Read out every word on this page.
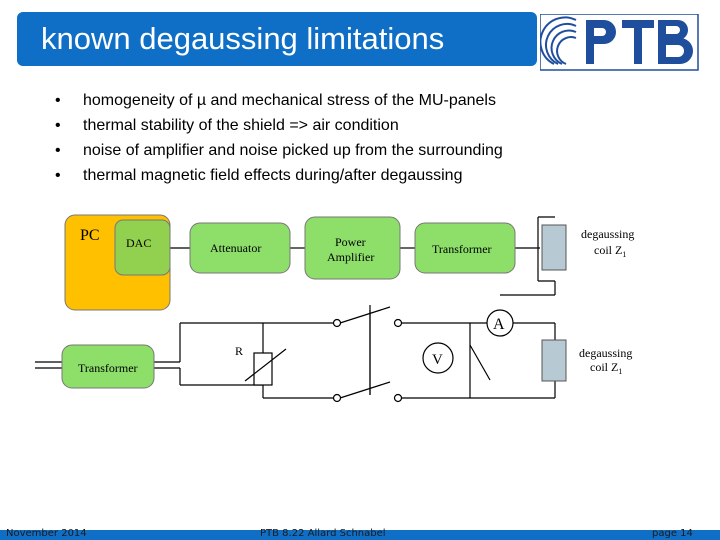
known degaussing limitations
• homogeneity of µ and mechanical stress of the MU-panels
• thermal stability of the shield => air condition
• noise of amplifier and noise picked up from the surrounding
• thermal magnetic field effects during/after degaussing
PC DAC	Attenuator	Power
Amplifier
Transformer
degaussing
coil $Z_1$
A
R
V	degaussing
coil $Z_1$
Transformer
November 2014	PTB 8.22 Allard Schnabel	page 14
